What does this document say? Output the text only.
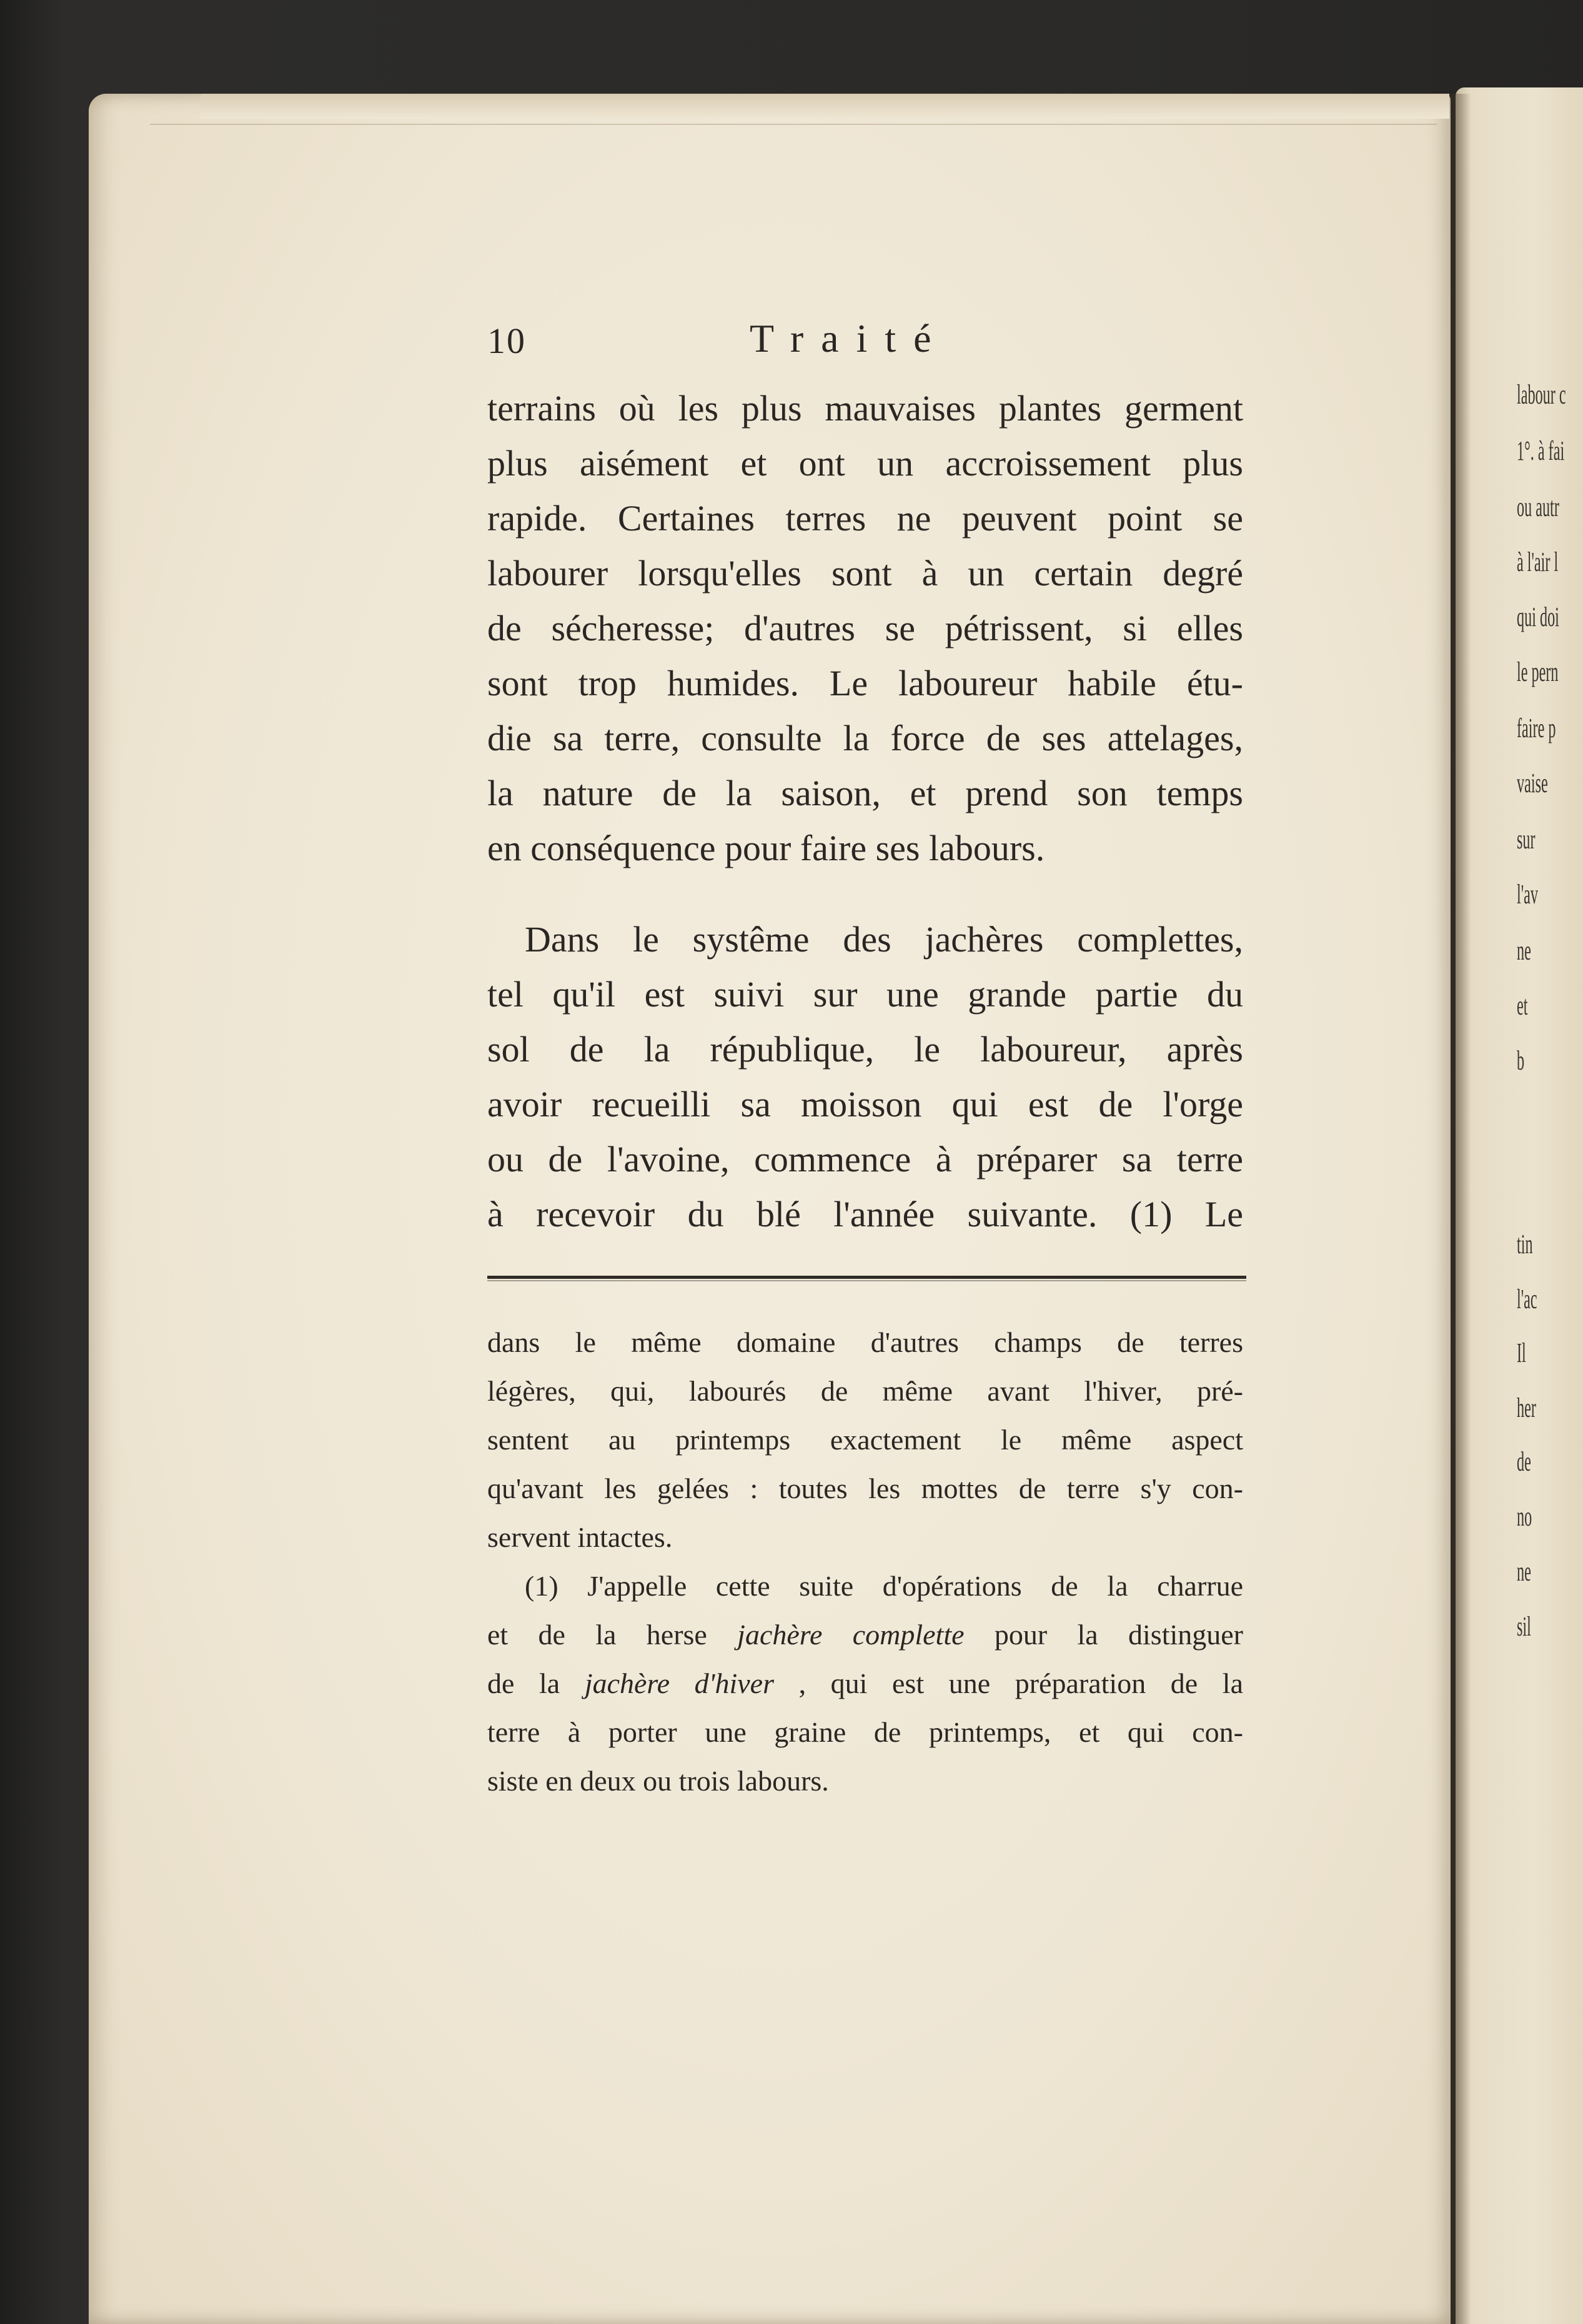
labour c
1°. à fai
ou autr
à l'air l
qui doi
le pern
faire p
vaise
sur
l'av
ne
et
b
tin
l'ac
Il
her
de
no
ne
sil
10	Traité
terrains où les plus mauvaises plantes germent
plus aisément et ont un accroissement plus
rapide. Certaines terres ne peuvent point se
labourer lorsqu'elles sont à un certain degré
de sécheresse; d'autres se pétrissent, si elles
sont trop humides. Le laboureur habile étu-
die sa terre, consulte la force de ses attelages,
la nature de la saison, et prend son temps
en conséquence pour faire ses labours.
Dans le systême des jachères complettes,
tel qu'il est suivi sur une grande partie du
sol de la république, le laboureur, après
avoir recueilli sa moisson qui est de l'orge
ou de l'avoine, commence à préparer sa terre
à recevoir du blé l'année suivante. (1) Le
dans le même domaine d'autres champs de terres
légères, qui, labourés de même avant l'hiver, pré-
sentent au printemps exactement le même aspect
qu'avant les gelées : toutes les mottes de terre s'y con-
servent intactes.
(1) J'appelle cette suite d'opérations de la charrue
et de la herse jachère complette pour la distinguer
de la jachère d'hiver , qui est une préparation de la
terre à porter une graine de printemps, et qui con-
siste en deux ou trois labours.
